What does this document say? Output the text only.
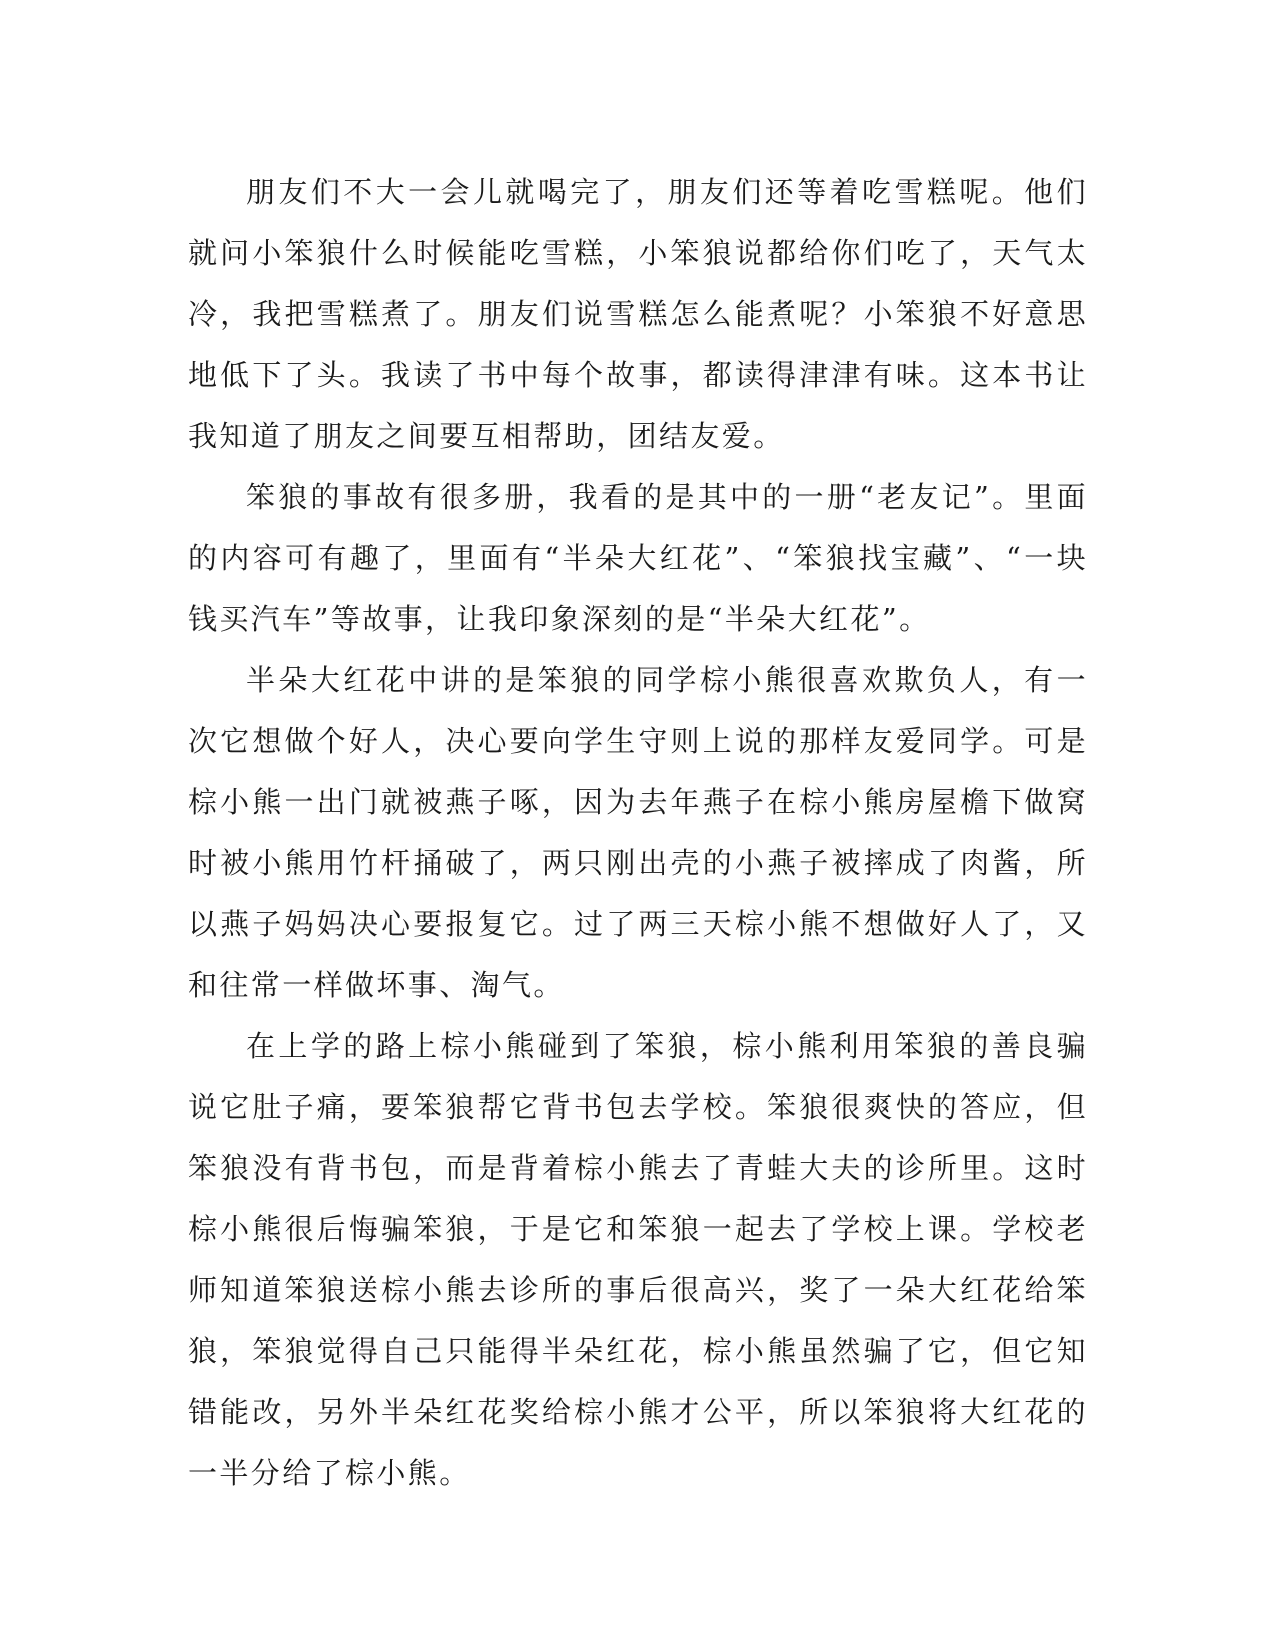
朋友们不大一会儿就喝完了，朋友们还等着吃雪糕呢。他们就问小笨狼什么时候能吃雪糕，小笨狼说都给你们吃了，天气太冷，我把雪糕煮了。朋友们说雪糕怎么能煮呢？小笨狼不好意思地低下了头。我读了书中每个故事，都读得津津有味。这本书让我知道了朋友之间要互相帮助，团结友爱。

笨狼的事故有很多册，我看的是其中的一册“老友记”。里面的内容可有趣了，里面有“半朵大红花”、“笨狼找宝藏”、“一块钱买汽车”等故事，让我印象深刻的是“半朵大红花”。

半朵大红花中讲的是笨狼的同学棕小熊很喜欢欺负人，有一次它想做个好人，决心要向学生守则上说的那样友爱同学。可是棕小熊一出门就被燕子啄，因为去年燕子在棕小熊房屋檐下做窝时被小熊用竹杆捅破了，两只刚出壳的小燕子被摔成了肉酱，所以燕子妈妈决心要报复它。过了两三天棕小熊不想做好人了，又和往常一样做坏事、淘气。

在上学的路上棕小熊碰到了笨狼，棕小熊利用笨狼的善良骗说它肚子痛，要笨狼帮它背书包去学校。笨狼很爽快的答应，但笨狼没有背书包，而是背着棕小熊去了青蛙大夫的诊所里。这时棕小熊很后悔骗笨狼，于是它和笨狼一起去了学校上课。学校老师知道笨狼送棕小熊去诊所的事后很高兴，奖了一朵大红花给笨狼，笨狼觉得自己只能得半朵红花，棕小熊虽然骗了它，但它知错能改，另外半朵红花奖给棕小熊才公平，所以笨狼将大红花的一半分给了棕小熊。
